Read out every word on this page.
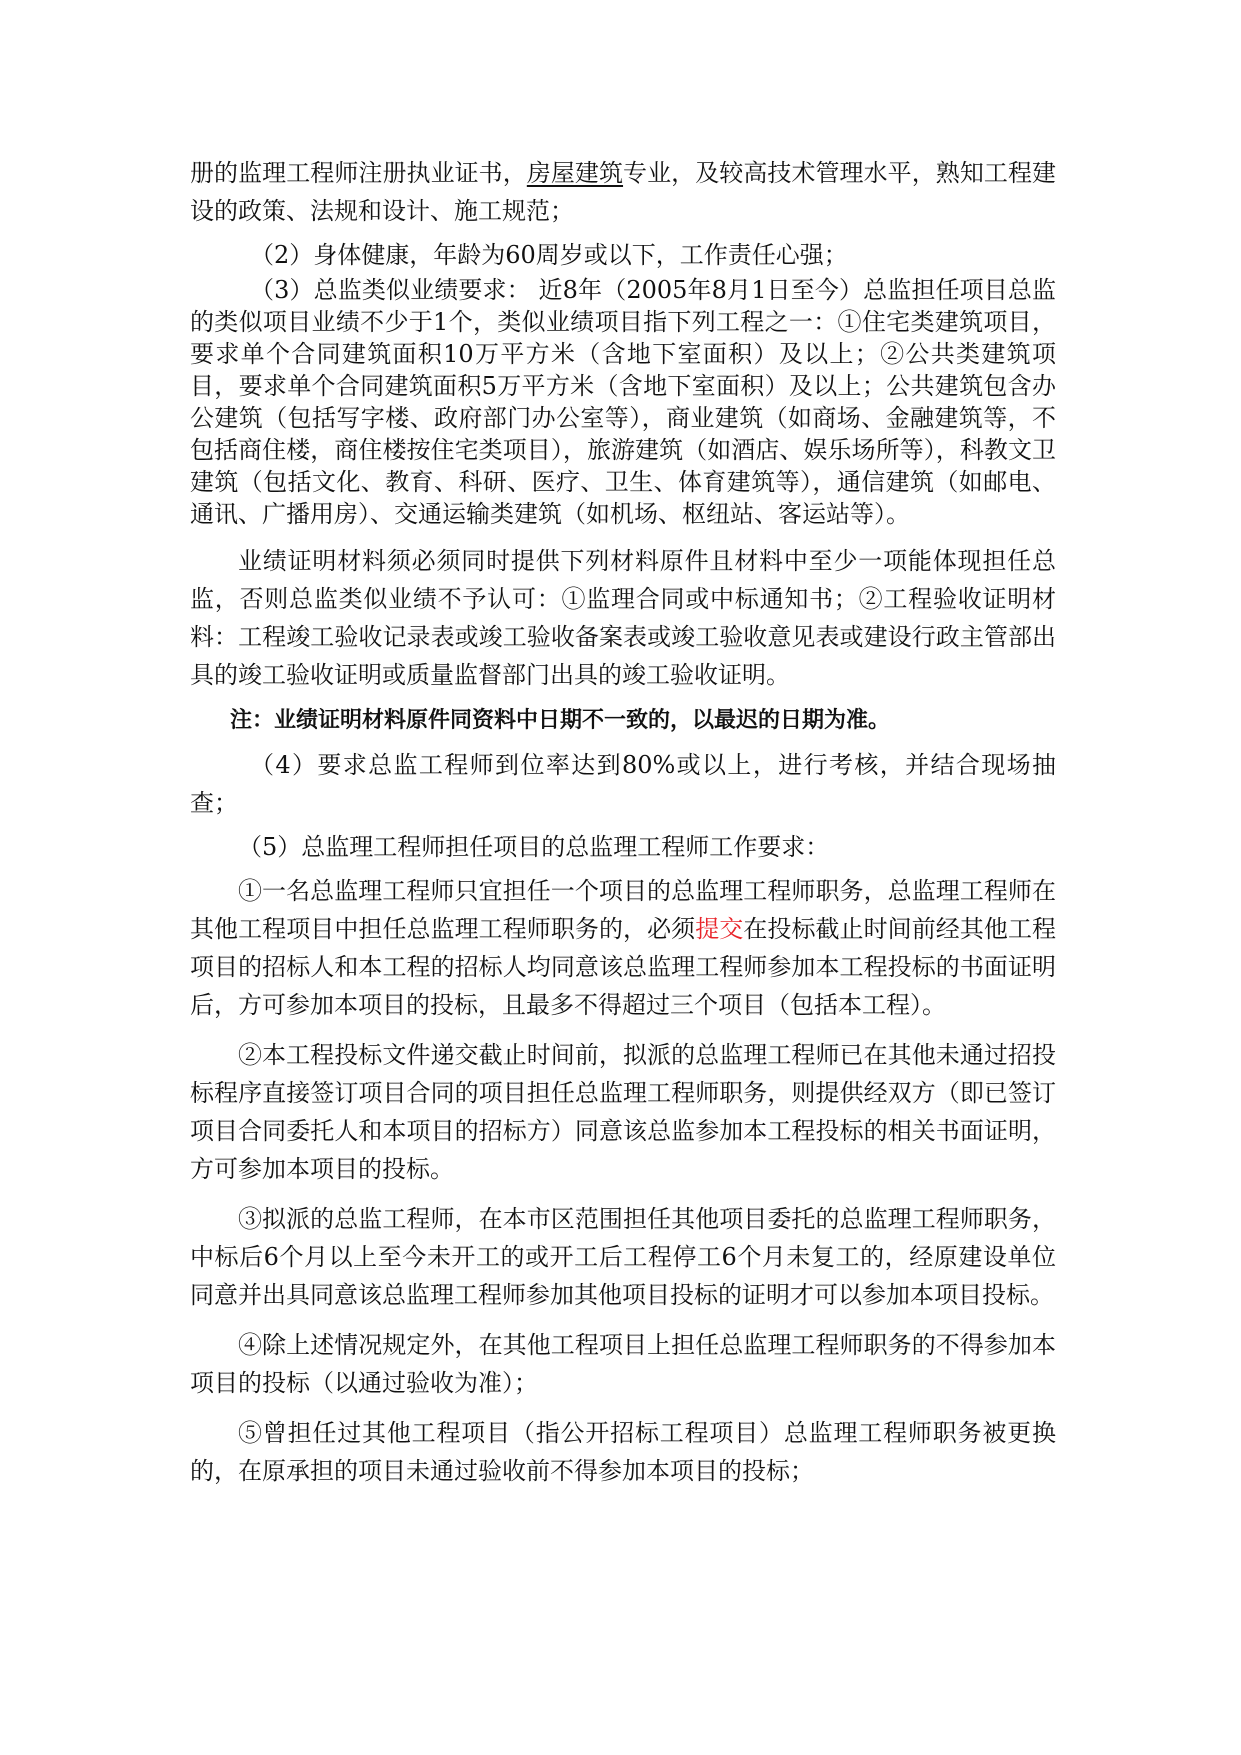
册的监理工程师注册执业证书，房屋建筑专业，及较高技术管理水平，熟知工程建设的政策、法规和设计、施工规范；

（2）身体健康，年龄为60周岁或以下，工作责任心强；

（3）总监类似业绩要求： 近8年（2005年8月1日至今）总监担任项目总监的类似项目业绩不少于1个，类似业绩项目指下列工程之一：①住宅类建筑项目，要求单个合同建筑面积10万平方米（含地下室面积）及以上；②公共类建筑项目，要求单个合同建筑面积5万平方米（含地下室面积）及以上；公共建筑包含办公建筑（包括写字楼、政府部门办公室等），商业建筑（如商场、金融建筑等，不包括商住楼，商住楼按住宅类项目），旅游建筑（如酒店、娱乐场所等），科教文卫建筑（包括文化、教育、科研、医疗、卫生、体育建筑等），通信建筑（如邮电、通讯、广播用房）、交通运输类建筑（如机场、枢纽站、客运站等）。

业绩证明材料须必须同时提供下列材料原件且材料中至少一项能体现担任总监，否则总监类似业绩不予认可：①监理合同或中标通知书；②工程验收证明材料：工程竣工验收记录表或竣工验收备案表或竣工验收意见表或建设行政主管部出具的竣工验收证明或质量监督部门出具的竣工验收证明。

注：业绩证明材料原件同资料中日期不一致的，以最迟的日期为准。

（4）要求总监工程师到位率达到80%或以上，进行考核，并结合现场抽查；

（5）总监理工程师担任项目的总监理工程师工作要求：

①一名总监理工程师只宜担任一个项目的总监理工程师职务，总监理工程师在其他工程项目中担任总监理工程师职务的，必须提交在投标截止时间前经其他工程项目的招标人和本工程的招标人均同意该总监理工程师参加本工程投标的书面证明后，方可参加本项目的投标，且最多不得超过三个项目（包括本工程）。

②本工程投标文件递交截止时间前，拟派的总监理工程师已在其他未通过招投标程序直接签订项目合同的项目担任总监理工程师职务，则提供经双方（即已签订项目合同委托人和本项目的招标方）同意该总监参加本工程投标的相关书面证明，方可参加本项目的投标。

③拟派的总监工程师，在本市区范围担任其他项目委托的总监理工程师职务，中标后6个月以上至今未开工的或开工后工程停工6个月未复工的，经原建设单位同意并出具同意该总监理工程师参加其他项目投标的证明才可以参加本项目投标。

④除上述情况规定外，在其他工程项目上担任总监理工程师职务的不得参加本项目的投标（以通过验收为准）；

⑤曾担任过其他工程项目（指公开招标工程项目）总监理工程师职务被更换的，在原承担的项目未通过验收前不得参加本项目的投标；
